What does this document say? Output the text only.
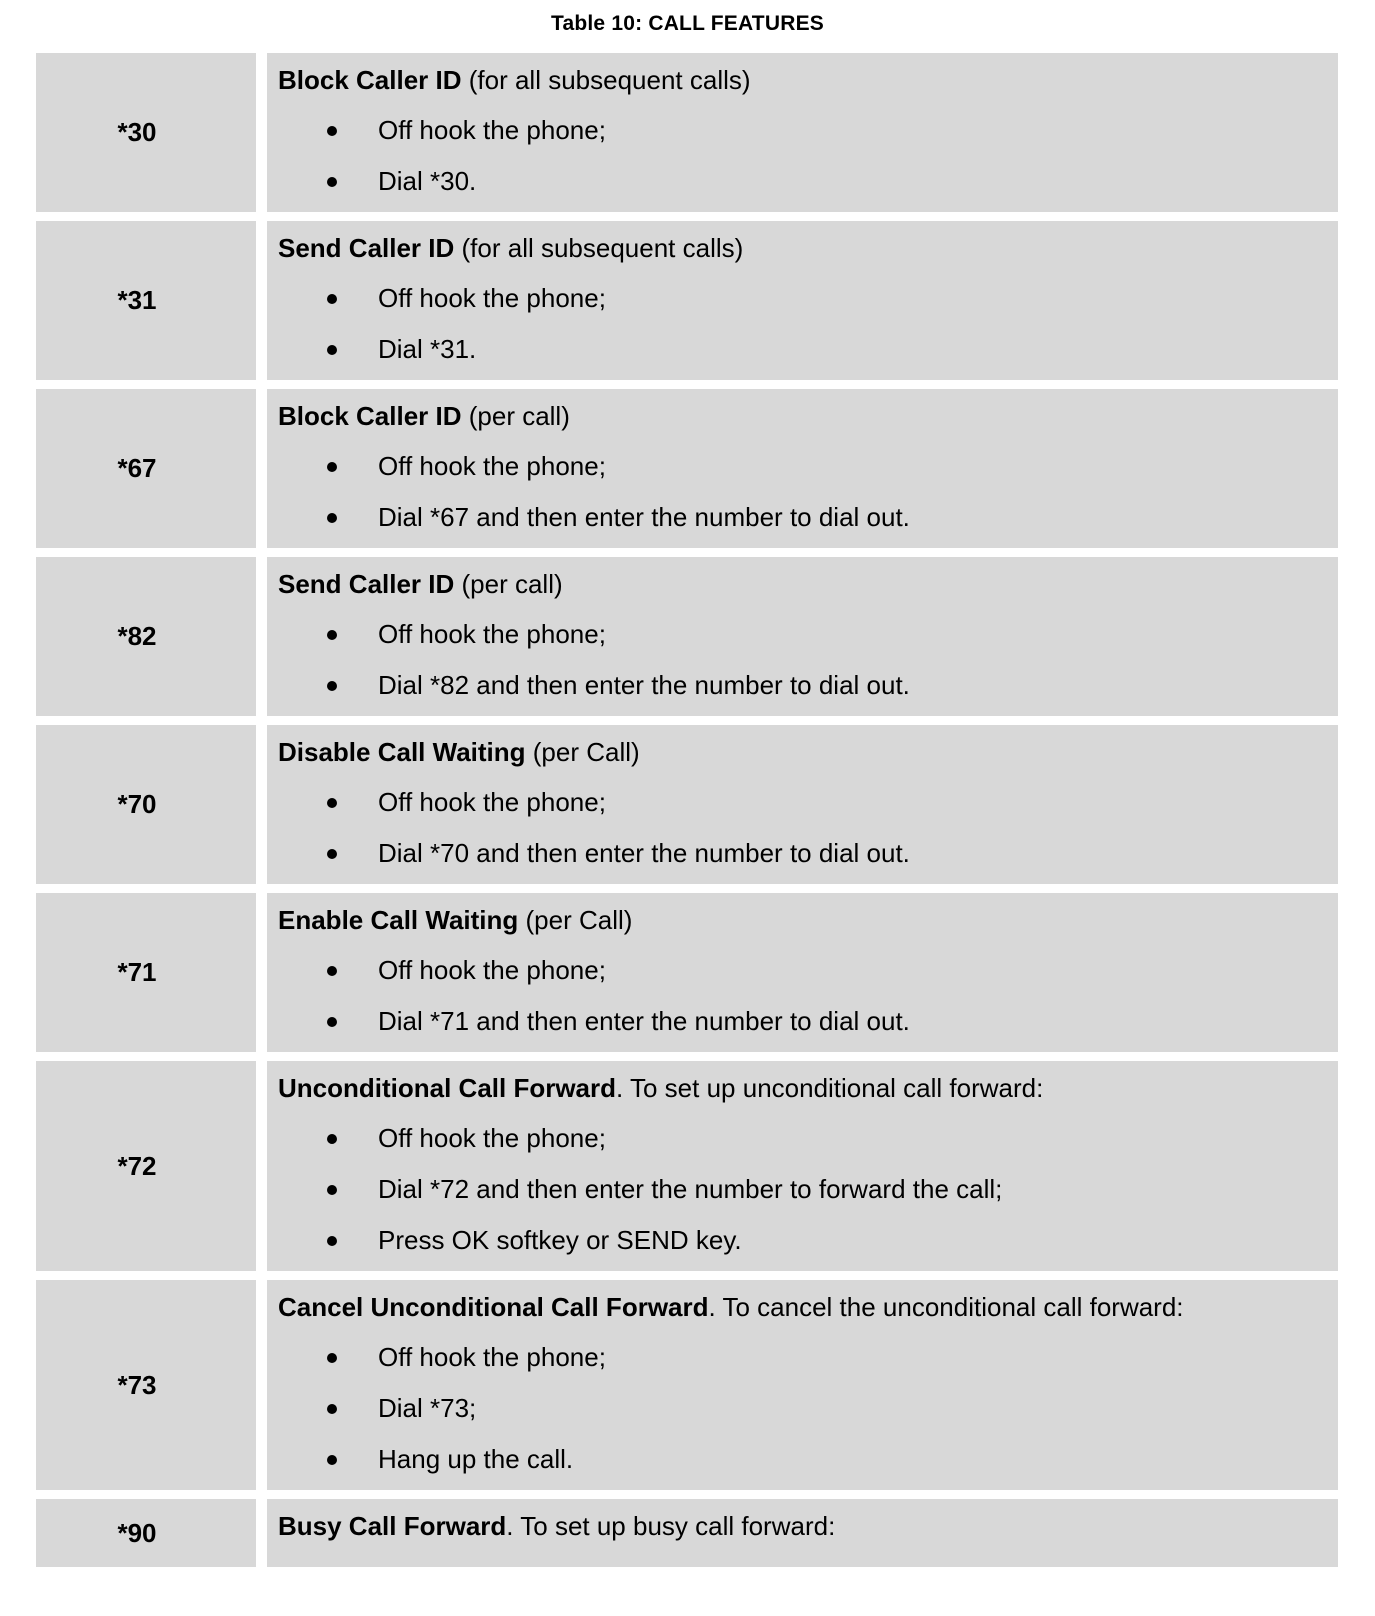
Table 10: CALL FEATURES
*30
Block Caller ID (for all subsequent calls)
Off hook the phone;
Dial *30.
*31
Send Caller ID (for all subsequent calls)
Off hook the phone;
Dial *31.
*67
Block Caller ID (per call)
Off hook the phone;
Dial *67 and then enter the number to dial out.
*82
Send Caller ID (per call)
Off hook the phone;
Dial *82 and then enter the number to dial out.
*70
Disable Call Waiting (per Call)
Off hook the phone;
Dial *70 and then enter the number to dial out.
*71
Enable Call Waiting (per Call)
Off hook the phone;
Dial *71 and then enter the number to dial out.
*72
Unconditional Call Forward. To set up unconditional call forward:
Off hook the phone;
Dial *72 and then enter the number to forward the call;
Press OK softkey or SEND key.
*73
Cancel Unconditional Call Forward. To cancel the unconditional call forward:
Off hook the phone;
Dial *73;
Hang up the call.
*90	Busy Call Forward. To set up busy call forward:
